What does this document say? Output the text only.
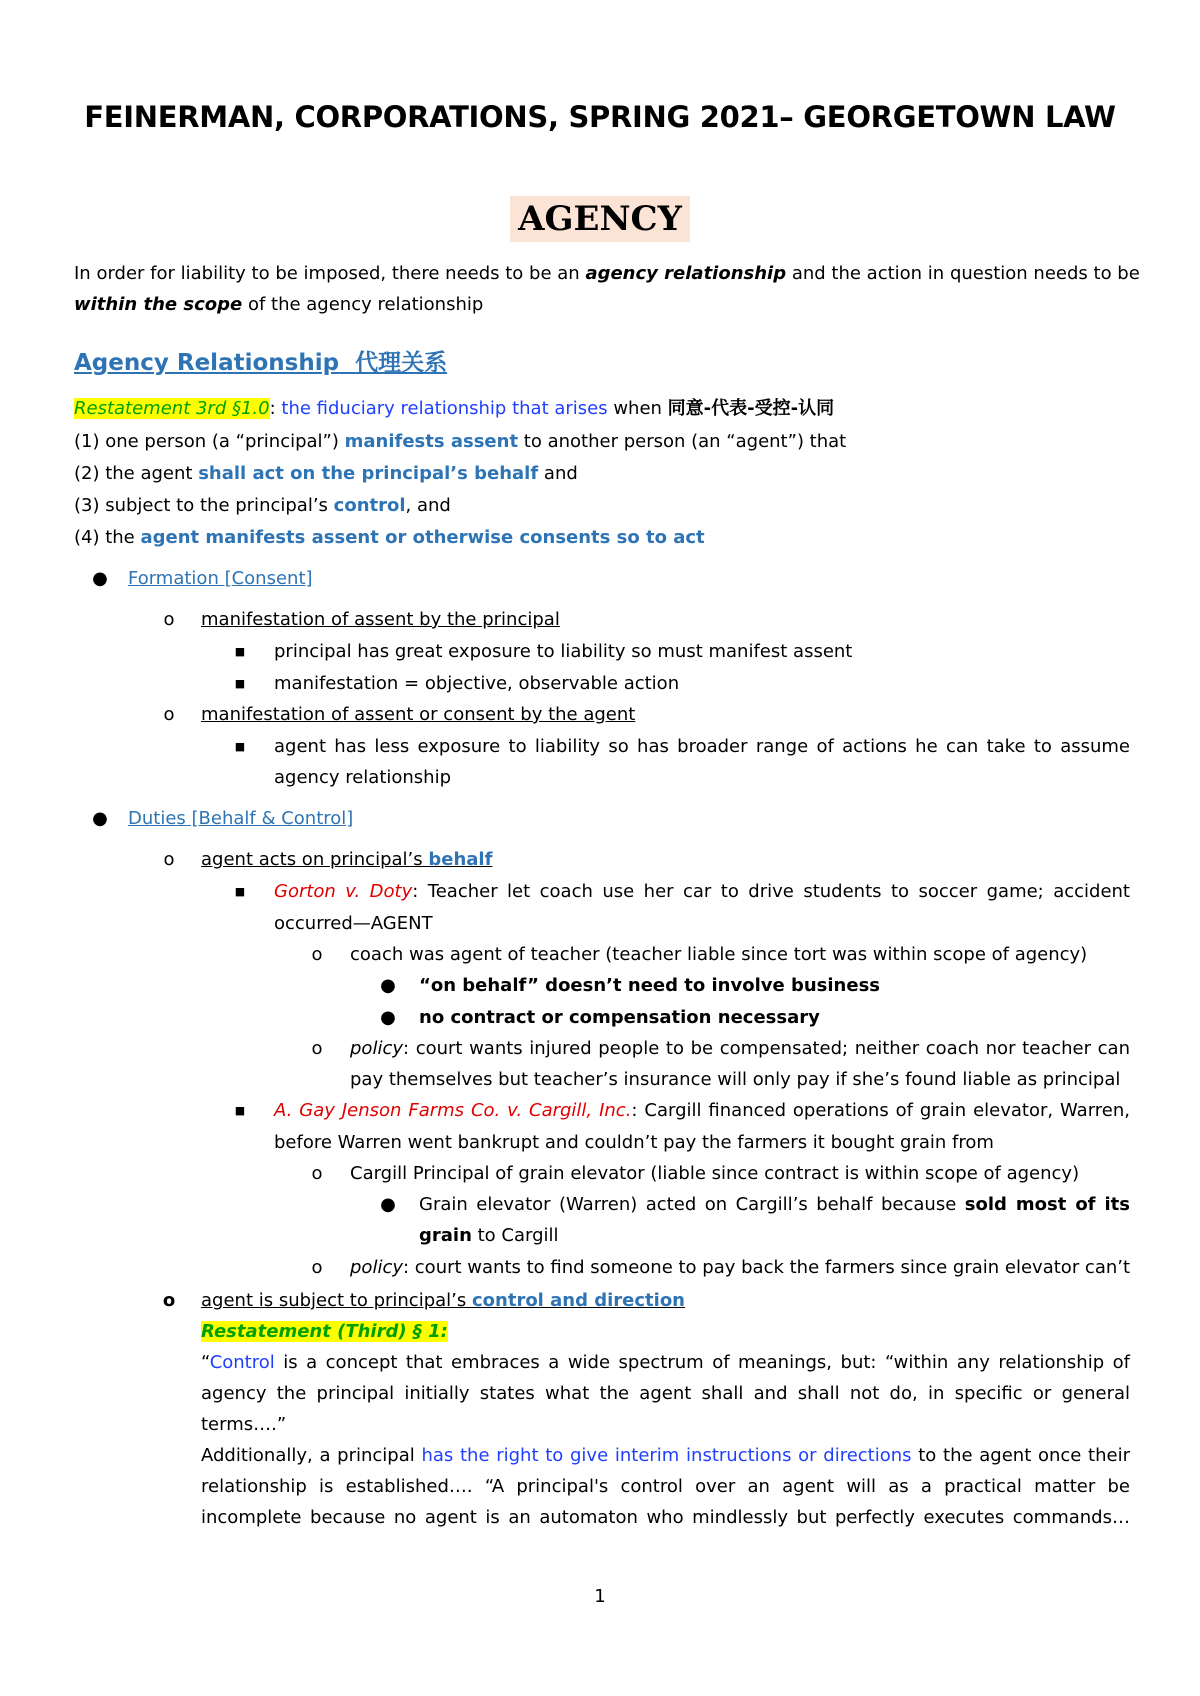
FEINERMAN, CORPORATIONS, SPRING 2021– GEORGETOWN LAW
AGENCY
In order for liability to be imposed, there needs to be an agency relationship and the action in question needs to be
within the scope of the agency relationship
Agency Relationship 代理关系
Restatement 3rd §1.0: the fiduciary relationship that arises when 同意-代表-受控-认同
(1) one person (a “principal”) manifests assent to another person (an “agent”) that
(2) the agent shall act on the principal’s behalf and
(3) subject to the principal’s control, and
(4) the agent manifests assent or otherwise consents so to act
● Formation [Consent]
o	manifestation of assent by the principal
■	principal has great exposure to liability so must manifest assent
■	manifestation = objective, observable action
o	manifestation of assent or consent by the agent
■	agent has less exposure to liability so has broader range of actions he can take to assume
agency relationship
● Duties [Behalf & Control]
o	agent acts on principal’s behalf
■	Gorton v. Doty: Teacher let coach use her car to drive students to soccer game; accident
occurred—AGENT
o	coach was agent of teacher (teacher liable since tort was within scope of agency)
● “on behalf” doesn’t need to involve business
● no contract or compensation necessary
o	policy: court wants injured people to be compensated; neither coach nor teacher can
pay themselves but teacher’s insurance will only pay if she’s found liable as principal
■	A. Gay Jenson Farms Co. v. Cargill, Inc.: Cargill financed operations of grain elevator, Warren,
before Warren went bankrupt and couldn’t pay the farmers it bought grain from
o	Cargill Principal of grain elevator (liable since contract is within scope of agency)
● Grain elevator (Warren) acted on Cargill’s behalf because sold most of its
grain to Cargill
o	policy: court wants to find someone to pay back the farmers since grain elevator can’t
o	agent is subject to principal’s control and direction
Restatement (Third) § 1:
“Control is a concept that embraces a wide spectrum of meanings, but: “within any relationship of
agency the principal initially states what the agent shall and shall not do, in specific or general
terms….”
Additionally, a principal has the right to give interim instructions or directions to the agent once their
relationship is established…. “A principal's control over an agent will as a practical matter be
incomplete because no agent is an automaton who mindlessly but perfectly executes commands…
1
